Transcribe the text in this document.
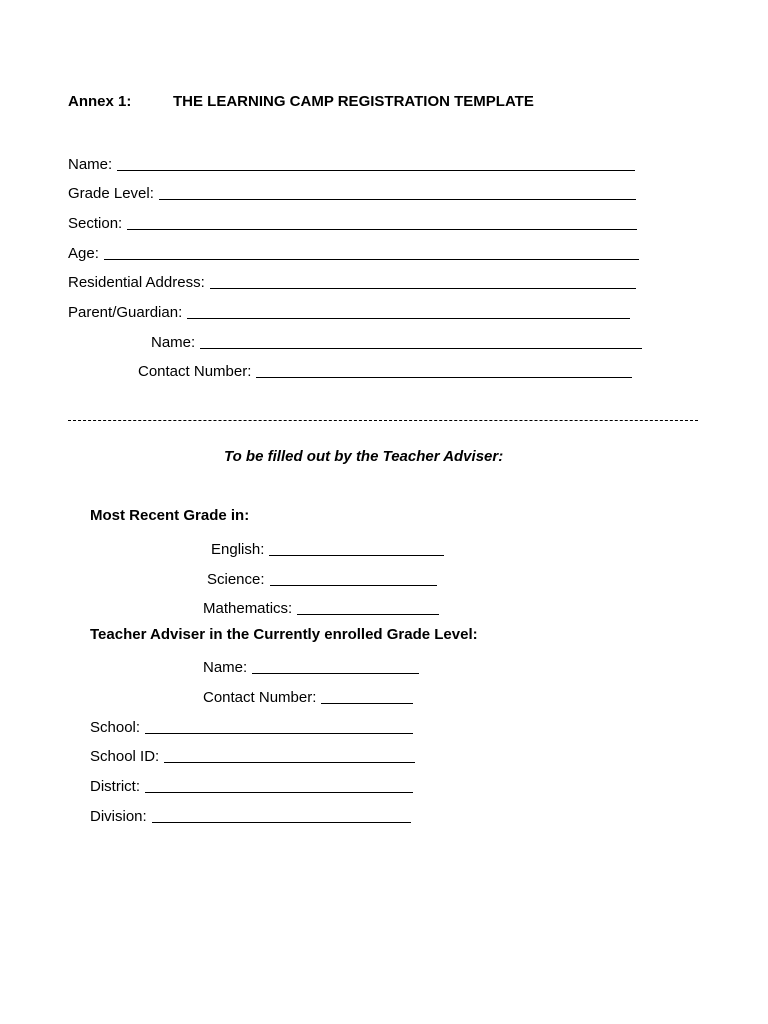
Annex 1:	THE LEARNING CAMP REGISTRATION TEMPLATE
Name:
Grade Level:
Section:
Age:
Residential Address:
Parent/Guardian:
Name:
Contact Number:
To be filled out by the Teacher Adviser:
Most Recent Grade in:
English:
Science:
Mathematics:
Teacher Adviser in the Currently enrolled Grade Level:
Name:
Contact Number:
School:
School ID:
District:
Division:
